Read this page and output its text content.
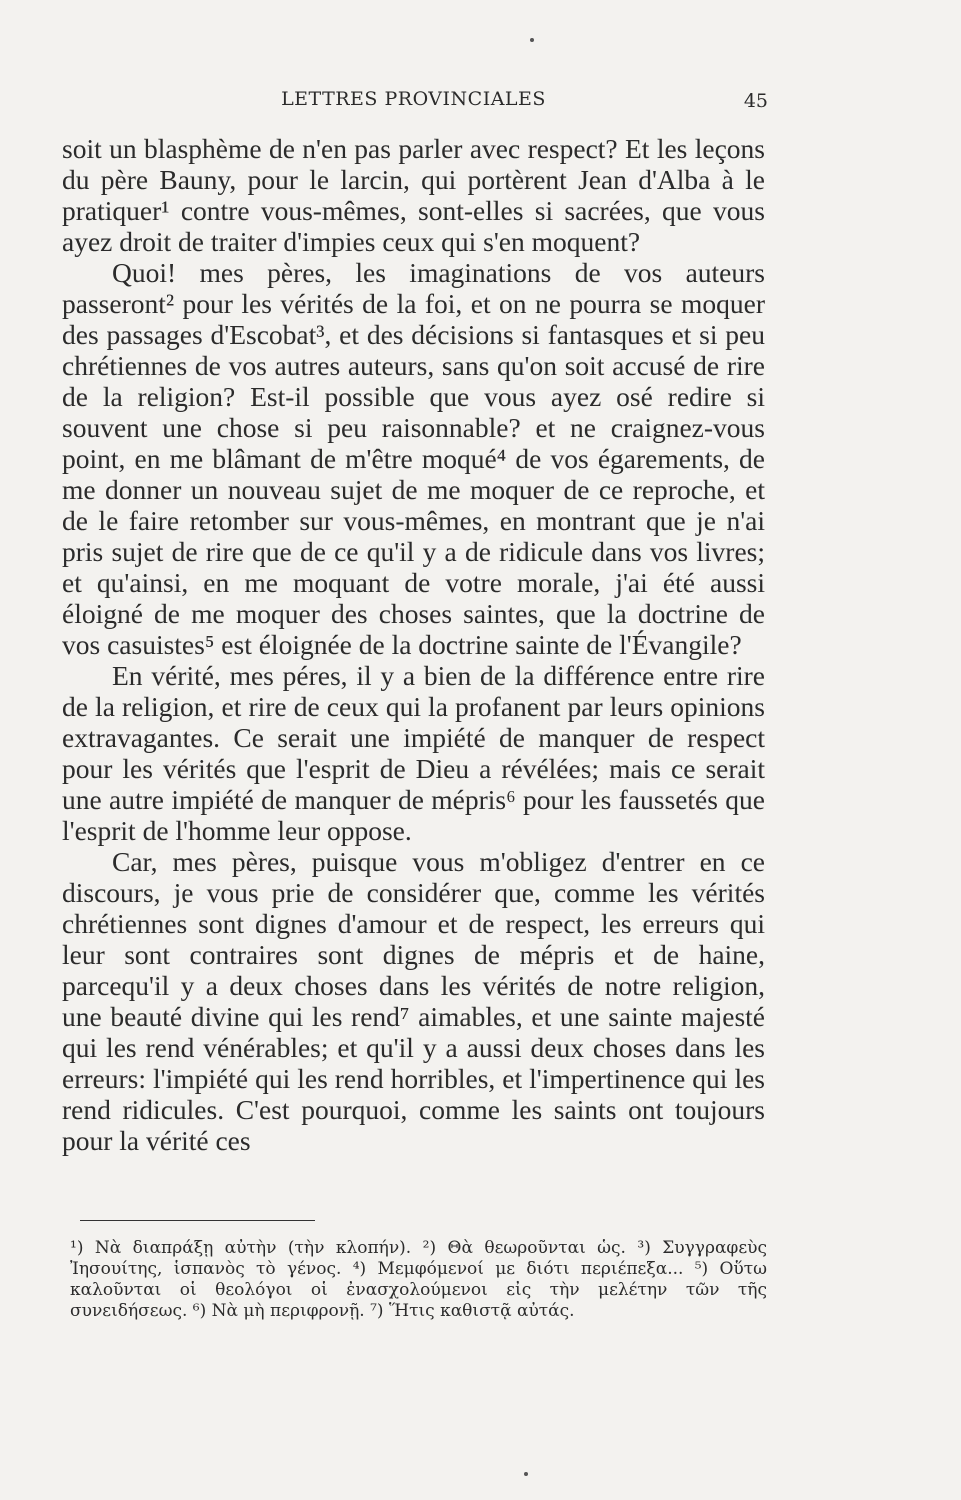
LETTRES PROVINCIALES	45

soit un blasphème de n'en pas parler avec respect? Et les leçons du père Bauny, pour le larcin, qui portèrent Jean d'Alba à le pratiquer¹ contre vous-mêmes, sont-elles si sacrées, que vous ayez droit de traiter d'impies ceux qui s'en moquent?

Quoi! mes pères, les imaginations de vos auteurs passeront² pour les vérités de la foi, et on ne pourra se moquer des passages d'Escobat³, et des décisions si fantasques et si peu chrétiennes de vos autres auteurs, sans qu'on soit accusé de rire de la religion? Est-il possible que vous ayez osé redire si souvent une chose si peu raisonnable? et ne craignez-vous point, en me blâmant de m'être moqué⁴ de vos égarements, de me donner un nouveau sujet de me moquer de ce reproche, et de le faire retomber sur vous-mêmes, en montrant que je n'ai pris sujet de rire que de ce qu'il y a de ridicule dans vos livres; et qu'ainsi, en me moquant de votre morale, j'ai été aussi éloigné de me moquer des choses saintes, que la doctrine de vos casuistes⁵ est éloignée de la doctrine sainte de l'Évangile?

En vérité, mes péres, il y a bien de la différence entre rire de la religion, et rire de ceux qui la profanent par leurs opinions extravagantes. Ce serait une impiété de manquer de respect pour les vérités que l'esprit de Dieu a révélées; mais ce serait une autre impiété de manquer de mépris⁶ pour les faussetés que l'esprit de l'homme leur oppose.

Car, mes pères, puisque vous m'obligez d'entrer en ce discours, je vous prie de considérer que, comme les vérités chrétiennes sont dignes d'amour et de respect, les erreurs qui leur sont contraires sont dignes de mépris et de haine, parcequ'il y a deux choses dans les vérités de notre religion, une beauté divine qui les rend⁷ aimables, et une sainte majesté qui les rend vénérables; et qu'il y a aussi deux choses dans les erreurs: l'impiété qui les rend horribles, et l'impertinence qui les rend ridicules. C'est pourquoi, comme les saints ont toujours pour la vérité ces

¹) Νὰ διαπράξῃ αὐτὴν (τὴν κλοπήν). ²) Θὰ θεωροῦνται ὡς. ³) Συγγραφεὺς Ἰησουίτης, ἱσπανὸς τὸ γένος. ⁴) Μεμφόμενοί με διότι περιέπεξα... ⁵) Οὕτω καλοῦνται οἱ θεολόγοι οἱ ἐνασχολούμενοι εἰς τὴν μελέτην τῶν τῆς συνειδήσεως. ⁶) Νὰ μὴ περιφρονῇ. ⁷) Ἥτις καθιστᾷ αὐτάς.
